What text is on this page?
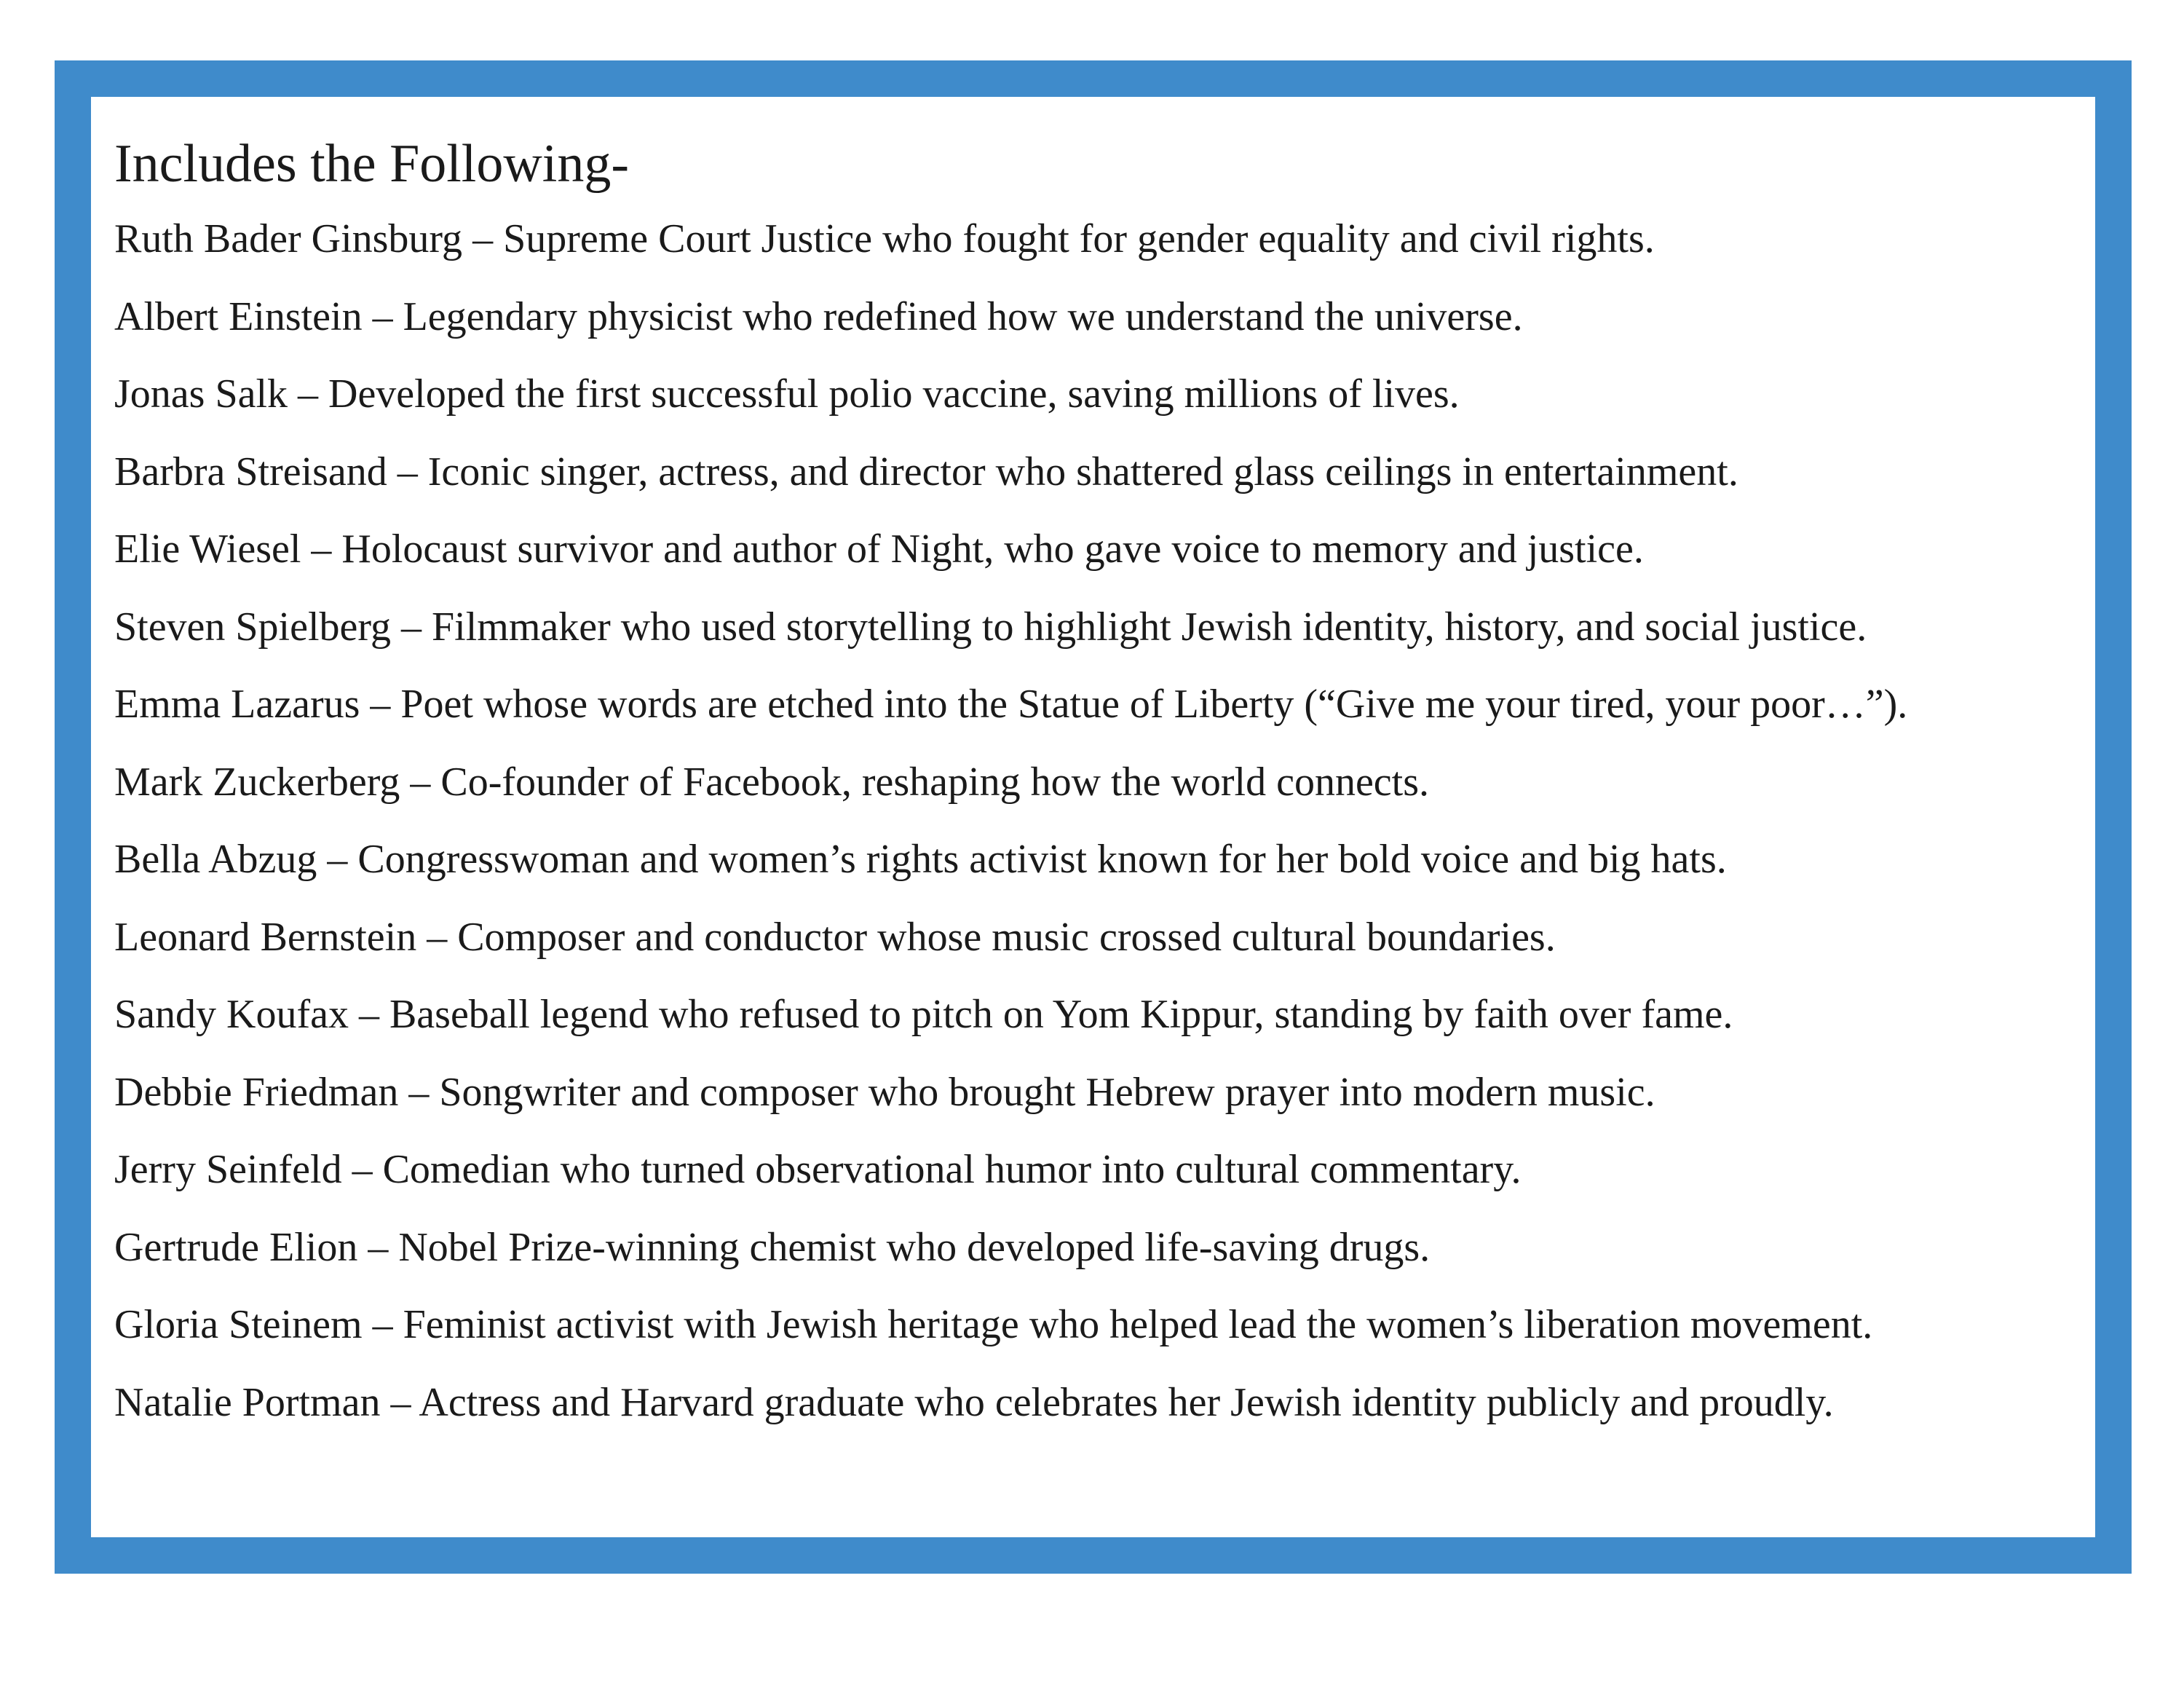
Includes the Following-
Ruth Bader Ginsburg – Supreme Court Justice who fought for gender equality and civil rights.
Albert Einstein – Legendary physicist who redefined how we understand the universe.
Jonas Salk – Developed the first successful polio vaccine, saving millions of lives.
Barbra Streisand – Iconic singer, actress, and director who shattered glass ceilings in entertainment.
Elie Wiesel – Holocaust survivor and author of Night, who gave voice to memory and justice.
Steven Spielberg – Filmmaker who used storytelling to highlight Jewish identity, history, and social justice.
Emma Lazarus – Poet whose words are etched into the Statue of Liberty (“Give me your tired, your poor…”).
Mark Zuckerberg – Co-founder of Facebook, reshaping how the world connects.
Bella Abzug – Congresswoman and women’s rights activist known for her bold voice and big hats.
Leonard Bernstein – Composer and conductor whose music crossed cultural boundaries.
Sandy Koufax – Baseball legend who refused to pitch on Yom Kippur, standing by faith over fame.
Debbie Friedman – Songwriter and composer who brought Hebrew prayer into modern music.
Jerry Seinfeld – Comedian who turned observational humor into cultural commentary.
Gertrude Elion – Nobel Prize-winning chemist who developed life-saving drugs.
Gloria Steinem – Feminist activist with Jewish heritage who helped lead the women’s liberation movement.
Natalie Portman – Actress and Harvard graduate who celebrates her Jewish identity publicly and proudly.
